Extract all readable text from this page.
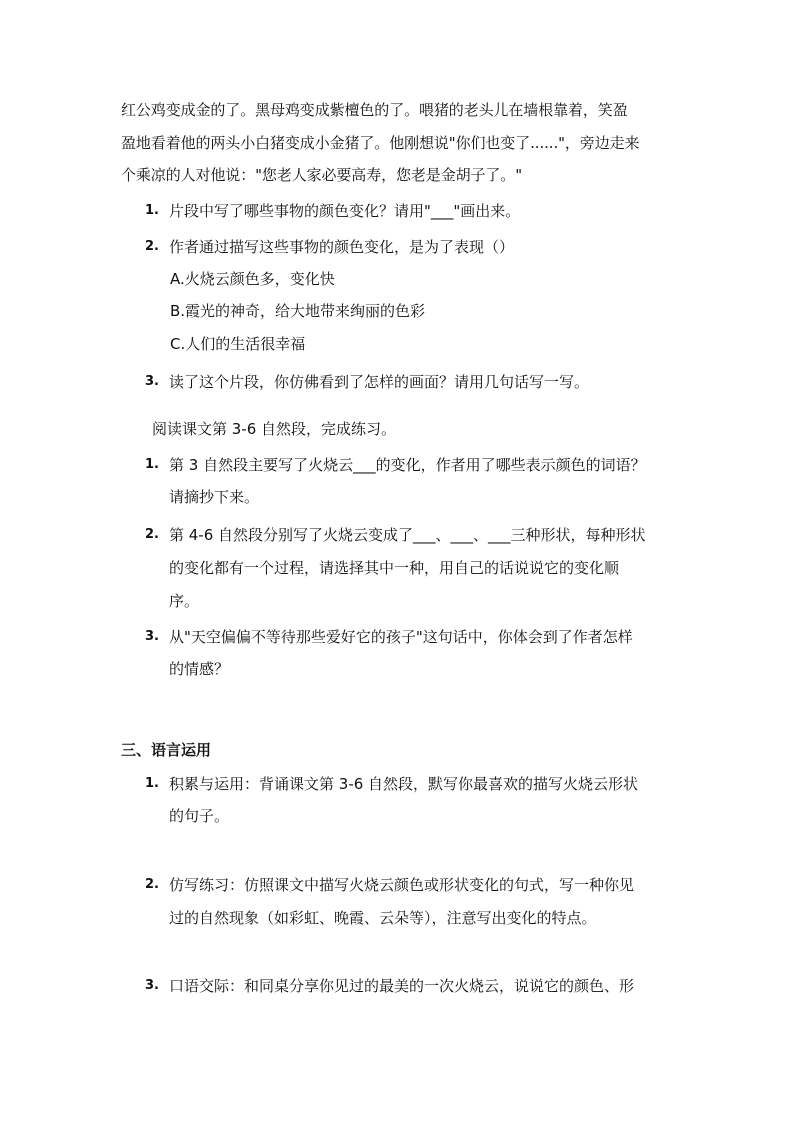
红公鸡变成金的了。黑母鸡变成紫檀色的了。喂猪的老头儿在墙根靠着，笑盈
盈地看着他的两头小白猪变成小金猪了。他刚想说"你们也变了......"，旁边走来
个乘凉的人对他说："您老人家必要高寿，您老是金胡子了。"
1. 片段中写了哪些事物的颜色变化？请用"___"画出来。
2. 作者通过描写这些事物的颜色变化，是为了表现（）
A.火烧云颜色多，变化快
B.霞光的神奇，给大地带来绚丽的色彩
C.人们的生活很幸福
3. 读了这个片段，你仿佛看到了怎样的画面？请用几句话写一写。
阅读课文第 3-6 自然段，完成练习。
1. 第 3 自然段主要写了火烧云___的变化，作者用了哪些表示颜色的词语？
请摘抄下来。
2. 第 4-6 自然段分别写了火烧云变成了___、___、___三种形状，每种形状
的变化都有一个过程，请选择其中一种，用自己的话说说它的变化顺
序。
3. 从"天空偏偏不等待那些爱好它的孩子"这句话中，你体会到了作者怎样
的情感？
三、语言运用
1. 积累与运用：背诵课文第 3-6 自然段，默写你最喜欢的描写火烧云形状
的句子。
2. 仿写练习：仿照课文中描写火烧云颜色或形状变化的句式，写一种你见
过的自然现象（如彩虹、晚霞、云朵等），注意写出变化的特点。
3. 口语交际：和同桌分享你见过的最美的一次火烧云，说说它的颜色、形
